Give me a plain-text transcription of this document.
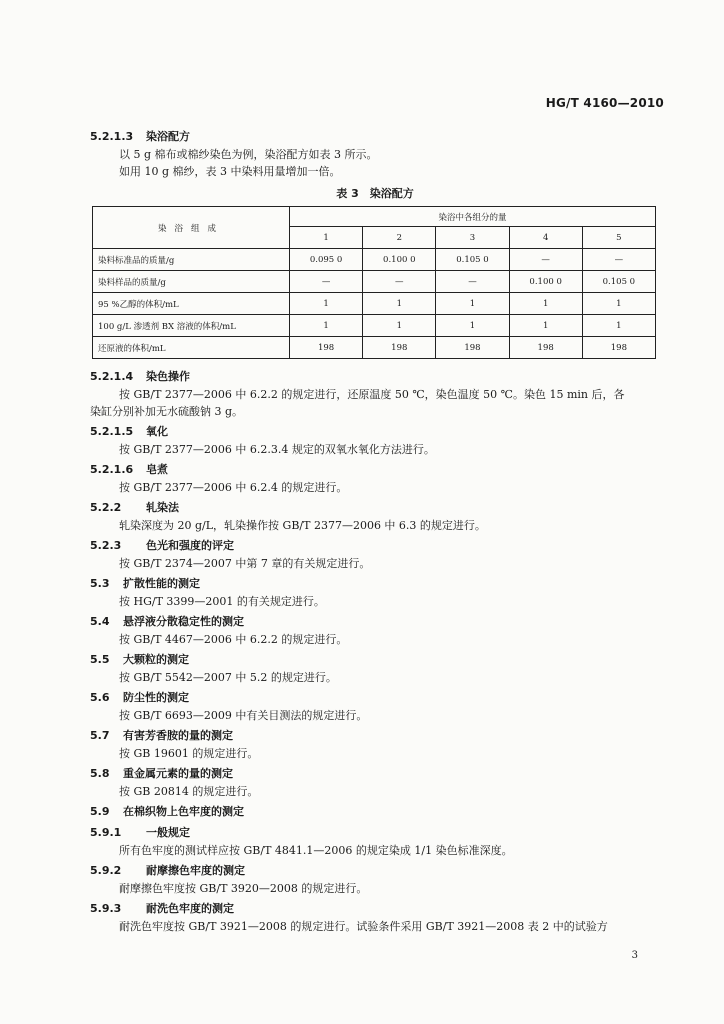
HG/T 4160—2010
5.2.1.3 染浴配方

以 5 g 棉布或棉纱染色为例，染浴配方如表 3 所示。

如用 10 g 棉纱，表 3 中染料用量增加一倍。

表 3　染浴配方
染浴组成	染浴中各组分的量				
	1	2	3	4	5
染料标准品的质量/g	0.095 0	0.100 0	0.105 0	—	—
染料样品的质量/g	—	—	—	0.100 0	0.105 0
95 %乙醇的体积/mL	1	1	1	1	1
100 g/L 渗透剂 BX 溶液的体积/mL	1	1	1	1	1
还原液的体积/mL	198	198	198	198	198
5.2.1.4 染色操作

按 GB/T 2377—2006 中 6.2.2 的规定进行，还原温度 50 ℃，染色温度 50 ℃。染色 15 min 后，各

染缸分别补加无水硫酸钠 3 g。

5.2.1.5 氧化

按 GB/T 2377—2006 中 6.2.3.4 规定的双氧水氧化方法进行。

5.2.1.6 皂煮

按 GB/T 2377—2006 中 6.2.4 的规定进行。

5.2.2 轧染法

轧染深度为 20 g/L，轧染操作按 GB/T 2377—2006 中 6.3 的规定进行。

5.2.3 色光和强度的评定

按 GB/T 2374—2007 中第 7 章的有关规定进行。

5.3 扩散性能的测定

按 HG/T 3399—2001 的有关规定进行。

5.4 悬浮液分散稳定性的测定

按 GB/T 4467—2006 中 6.2.2 的规定进行。

5.5 大颗粒的测定

按 GB/T 5542—2007 中 5.2 的规定进行。

5.6 防尘性的测定

按 GB/T 6693—2009 中有关目测法的规定进行。

5.7 有害芳香胺的量的测定

按 GB 19601 的规定进行。

5.8 重金属元素的量的测定

按 GB 20814 的规定进行。

5.9 在棉织物上色牢度的测定
5.9.1 一般规定

所有色牢度的测试样应按 GB/T 4841.1—2006 的规定染成 1/1 染色标准深度。

5.9.2 耐摩擦色牢度的测定

耐摩擦色牢度按 GB/T 3920—2008 的规定进行。

5.9.3 耐洗色牢度的测定

耐洗色牢度按 GB/T 3921—2008 的规定进行。试验条件采用 GB/T 3921—2008 表 2 中的试验方

3
